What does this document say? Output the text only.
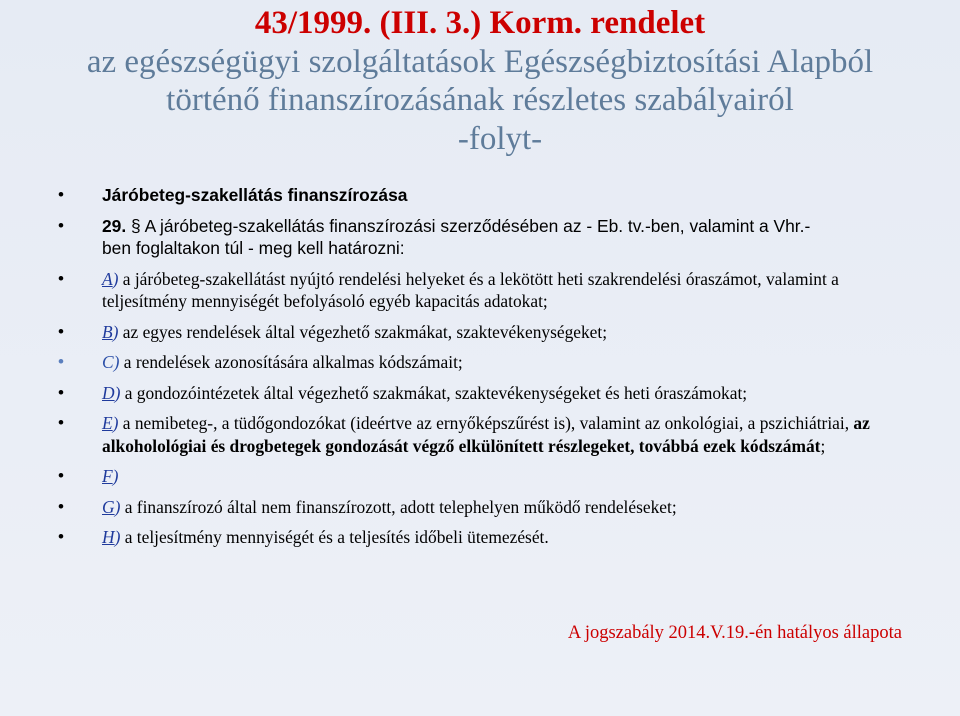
43/1999. (III. 3.) Korm. rendelet
az egészségügyi szolgáltatások Egészségbiztosítási Alapból
történő finanszírozásának részletes szabályairól
-folyt-
• Járóbeteg-szakellátás finanszírozása
• 29. § A járóbeteg-szakellátás finanszírozási szerződésében az - Eb. tv.-ben, valamint a Vhr.-
ben foglaltakon túl - meg kell határozni:
• A) a járóbeteg-szakellátást nyújtó rendelési helyeket és a lekötött heti szakrendelési óraszámot, valamint a teljesítmény mennyiségét befolyásoló egyéb kapacitás adatokat;
• B) az egyes rendelések által végezhető szakmákat, szaktevékenységeket;
• C) a rendelések azonosítására alkalmas kódszámait;
• D) a gondozóintézetek által végezhető szakmákat, szaktevékenységeket és heti óraszámokat;
• E) a nemibeteg-, a tüdőgondozókat (ideértve az ernyőképszűrést is), valamint az onkológiai, a pszichiátriai, az alkoholológiai és drogbetegek gondozását végző elkülönített részlegeket, továbbá ezek kódszámát;
• F)
• G) a finanszírozó által nem finanszírozott, adott telephelyen működő rendeléseket;
• H) a teljesítmény mennyiségét és a teljesítés időbeli ütemezését.
A jogszabály 2014.V.19.-én hatályos állapota
